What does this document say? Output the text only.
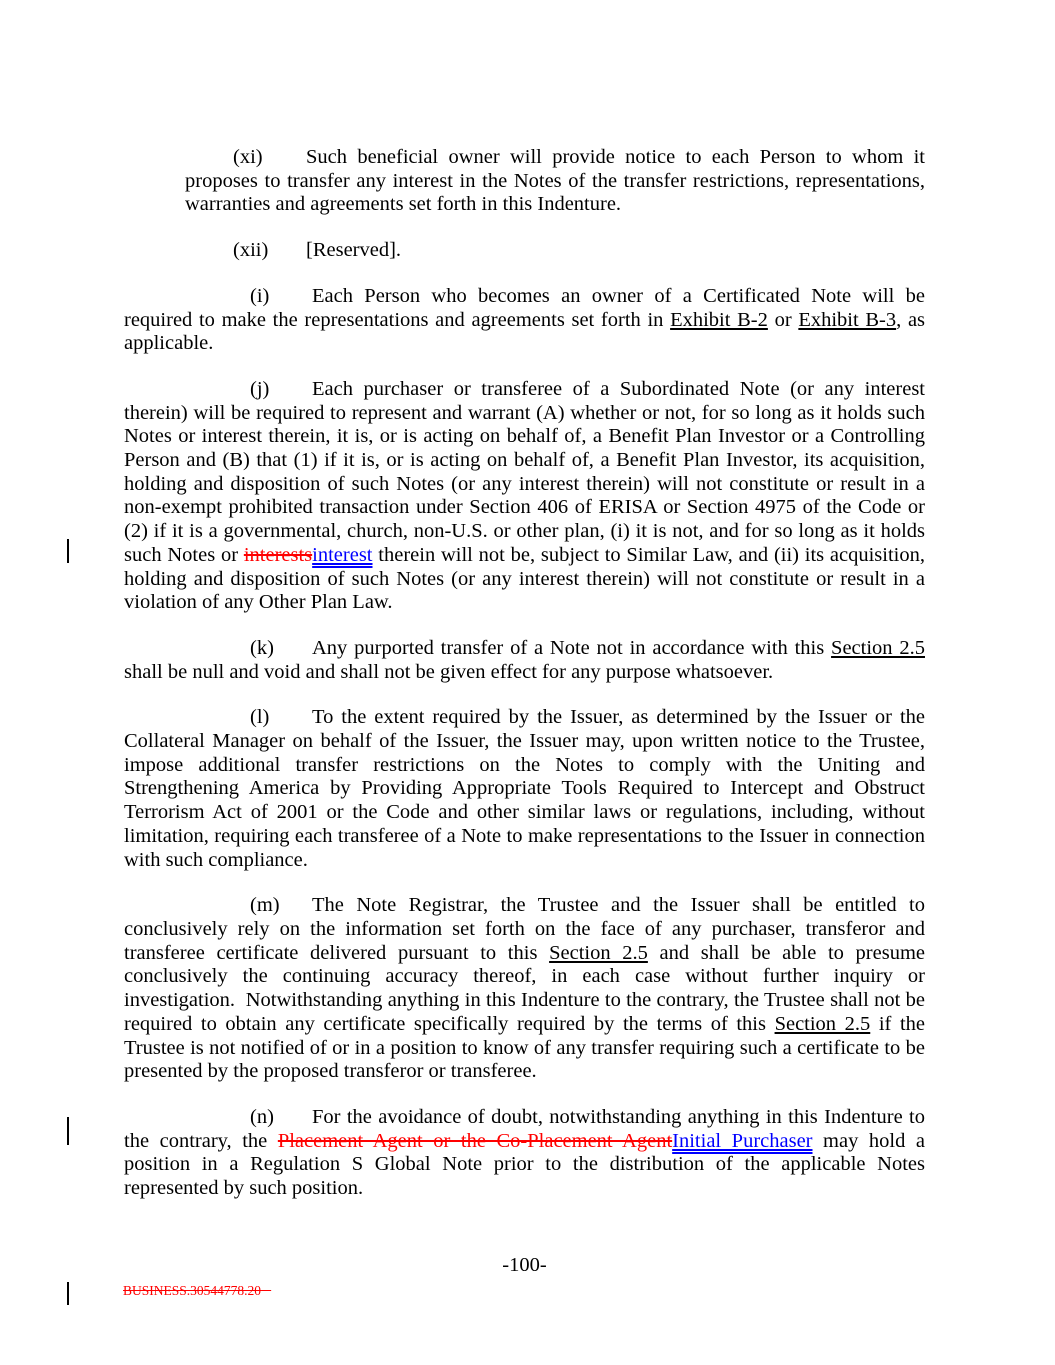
(xi) Such beneficial owner will provide notice to each Person to whom it proposes to transfer any interest in the Notes of the transfer restrictions, representations, warranties and agreements set forth in this Indenture.

(xii) [Reserved].

(i) Each Person who becomes an owner of a Certificated Note will be required to make the representations and agreements set forth in Exhibit B-2 or Exhibit B-3, as applicable.

(j) Each purchaser or transferee of a Subordinated Note (or any interest therein) will be required to represent and warrant (A) whether or not, for so long as it holds such Notes or interest therein, it is, or is acting on behalf of, a Benefit Plan Investor or a Controlling Person and (B) that (1) if it is, or is acting on behalf of, a Benefit Plan Investor, its acquisition, holding and disposition of such Notes (or any interest therein) will not constitute or result in a non-exempt prohibited transaction under Section 406 of ERISA or Section 4975 of the Code or (2) if it is a governmental, church, non-U.S. or other plan, (i) it is not, and for so long as it holds such Notes or interestsinterest therein will not be, subject to Similar Law, and (ii) its acquisition, holding and disposition of such Notes (or any interest therein) will not constitute or result in a violation of any Other Plan Law.

(k) Any purported transfer of a Note not in accordance with this Section 2.5 shall be null and void and shall not be given effect for any purpose whatsoever.

(l) To the extent required by the Issuer, as determined by the Issuer or the Collateral Manager on behalf of the Issuer, the Issuer may, upon written notice to the Trustee, impose additional transfer restrictions on the Notes to comply with the Uniting and Strengthening America by Providing Appropriate Tools Required to Intercept and Obstruct Terrorism Act of 2001 or the Code and other similar laws or regulations, including, without limitation, requiring each transferee of a Note to make representations to the Issuer in connection with such compliance.

(m) The Note Registrar, the Trustee and the Issuer shall be entitled to conclusively rely on the information set forth on the face of any purchaser, transferor and transferee certificate delivered pursuant to this Section 2.5 and shall be able to presume conclusively the continuing accuracy thereof, in each case without further inquiry or investigation.  Notwithstanding anything in this Indenture to the contrary, the Trustee shall not be required to obtain any certificate specifically required by the terms of this Section 2.5 if the Trustee is not notified of or in a position to know of any transfer requiring such a certificate to be presented by the proposed transferor or transferee.

(n) For the avoidance of doubt, notwithstanding anything in this Indenture to the contrary, the Placement Agent or the Co-Placement AgentInitial Purchaser may hold a position in a Regulation S Global Note prior to the distribution of the applicable Notes represented by such position.

-100-
BUSINESS.30544778.20
